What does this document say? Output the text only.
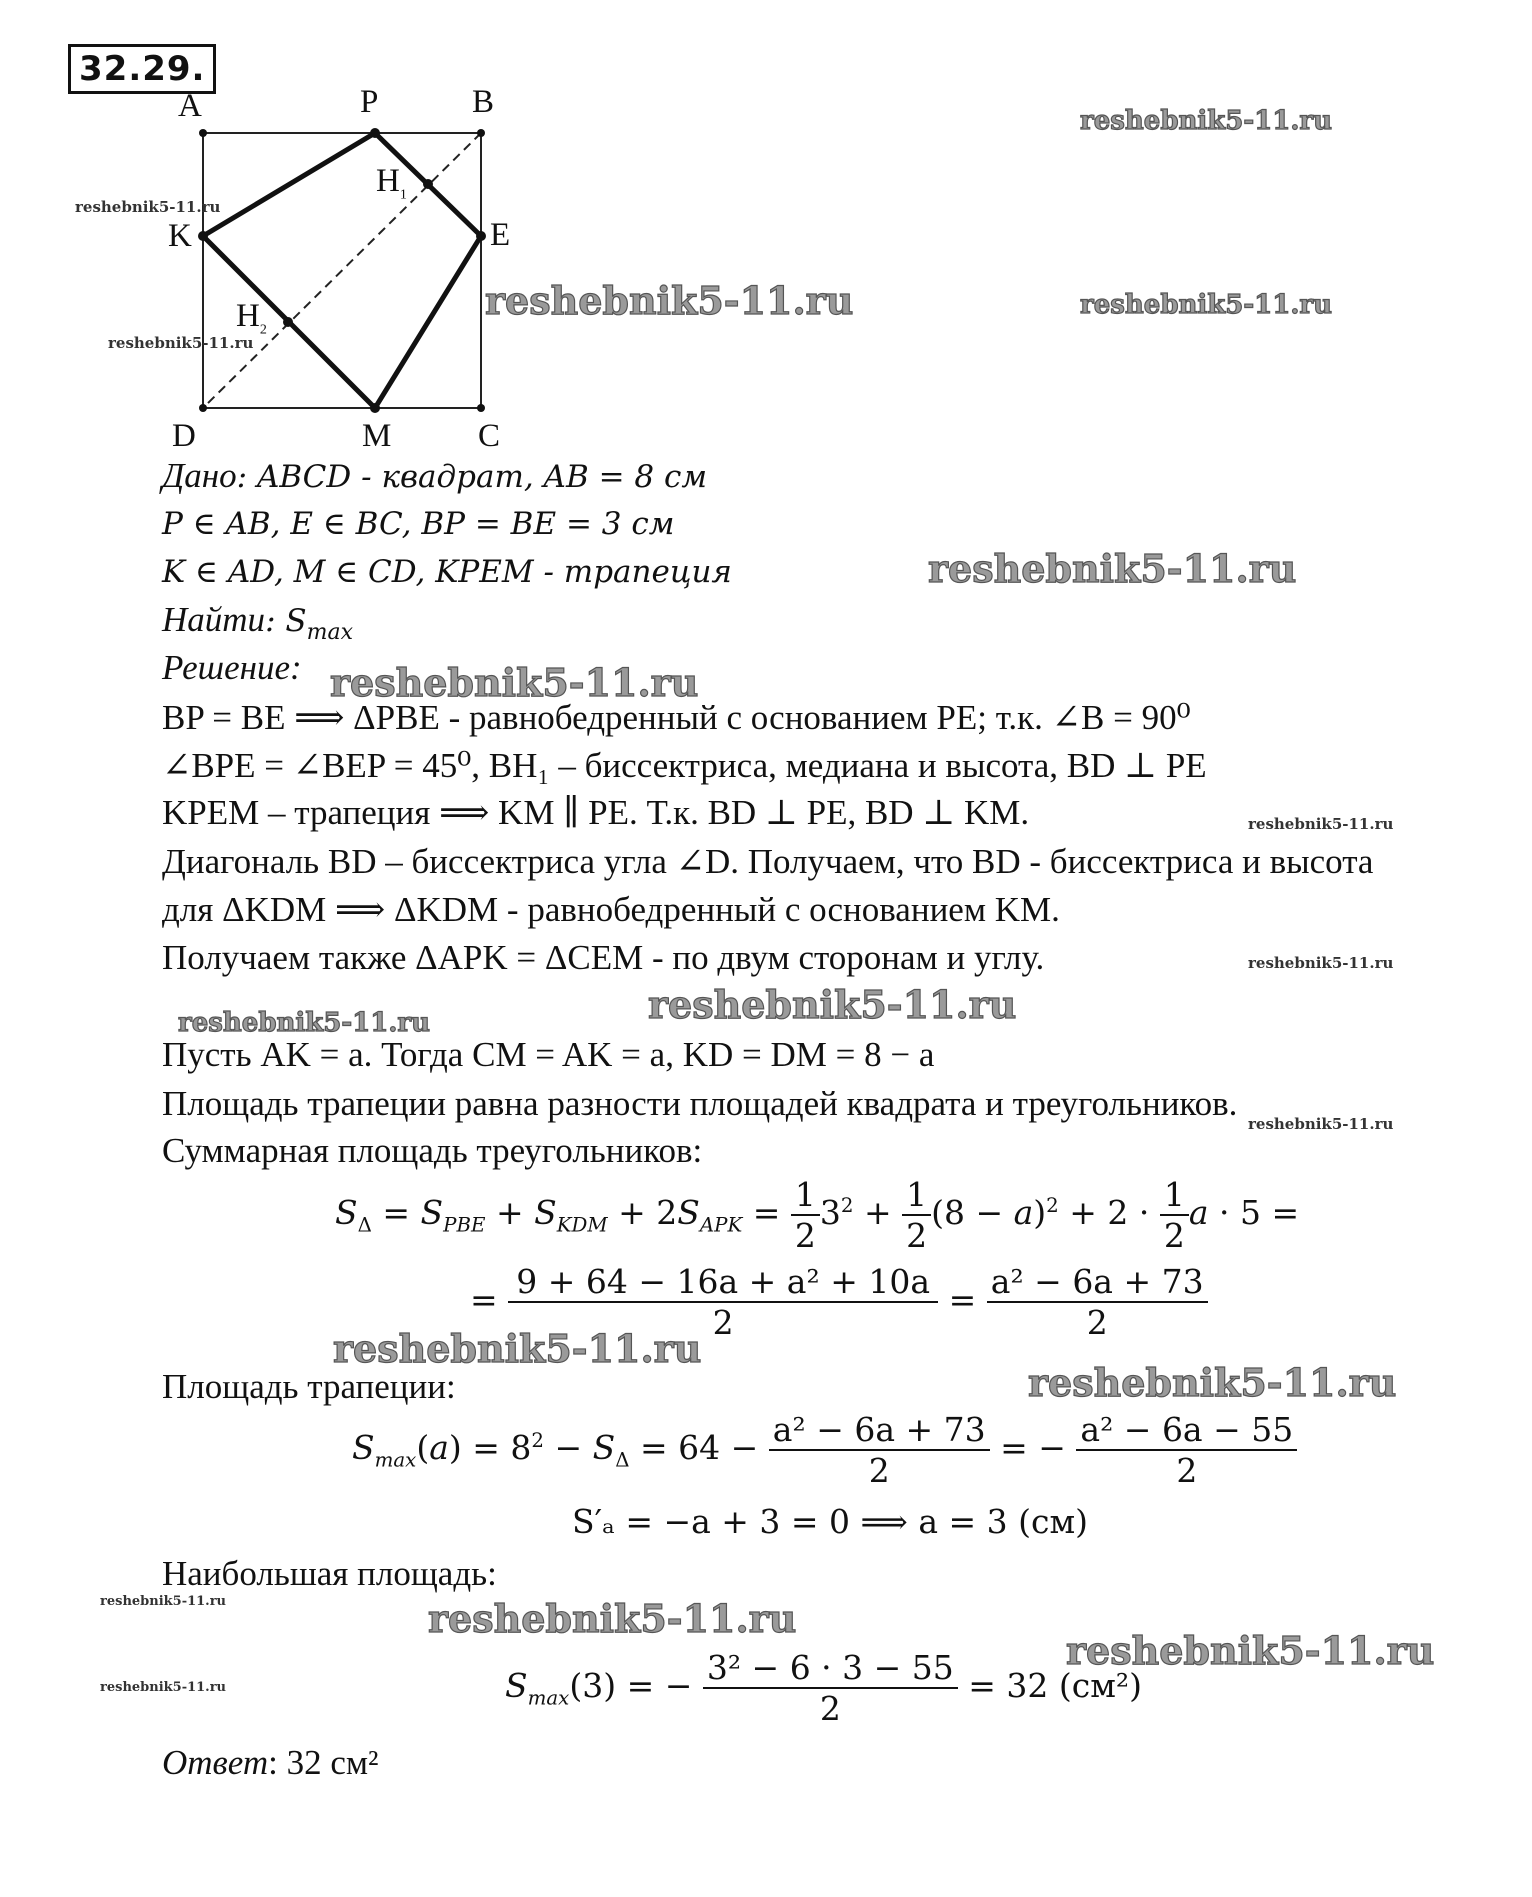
32.29.
A	P	B
K
$H_1$
E
$H_2$
D	M	C
reshebnik5-11.ru
reshebnik5-11.ru
reshebnik5-11.ru	reshebnik5-11.ru
reshebnik5-11.ru
reshebnik5-11.ru
reshebnik5-11.ru
reshebnik5-11.ru
reshebnik5-11.ru
reshebnik5-11.ru
reshebnik5-11.ru
reshebnik5-11.ru
reshebnik5-11.ru
reshebnik5-11.ru
reshebnik5-11.ru	reshebnik5-11.ru
reshebnik5-11.ru
reshebnik5-11.ru
Дано: ABCD - квадрат, AB = 8 см
P ∈ AB, E ∈ BC, BP = BE = 3 см
K ∈ AD, M ∈ CD, KPEM - трапеция
Найти: $S_{max}$
Решение:
BP = BE ⟹ ΔPBE - равнобедренный с основанием PE; т.к. ∠B = 90⁰
∠BPE = ∠BEP = 45⁰, BH₁ – биссектриса, медиана и высота, BD ⊥ PE
KPEM – трапеция ⟹ KM ∥ PE. Т.к. BD ⊥ PE, BD ⊥ KM.
Диагональ BD – биссектриса угла ∠D. Получаем, что BD - биссектриса и высота
для ΔKDM ⟹ ΔKDM - равнобедренный с основанием KM.
Получаем также ΔAPK = ΔCEM - по двум сторонам и углу.
Пусть AK = a. Тогда CM = AK = a, KD = DM = 8 − a
Площадь трапеции равна разности площадей квадрата и треугольников.
Суммарная площадь треугольников:
$S_\Delta = S_{PBE} + S_{KDM} + 2S_{APK} = \frac{1}{2} 3^2 + \frac{1}{2} (8 - a)^2 + 2 \cdot \frac{1}{2}$ a · 5 =
= $\frac{\text{9 + 64 − 16a + a² + 10a}}{2} = \frac{\text{a² − 6a + 73}}{2}$
Площадь трапеции:
$S_{max}(a) = 8^2 - S_\Delta = 64 - \frac{\text{a² − 6a + 73}}{2}$ = − $\frac{\text{a² − 6a − 55}}{2}$
S′ₐ = −a + 3 = 0 ⟹ a = 3 (см)
Наибольшая площадь:
$S_{max}(3)$ = − $\frac{\text{3² − 6 · 3 − 55}}{2} = 32$ (см²)
Ответ: 32 см²
